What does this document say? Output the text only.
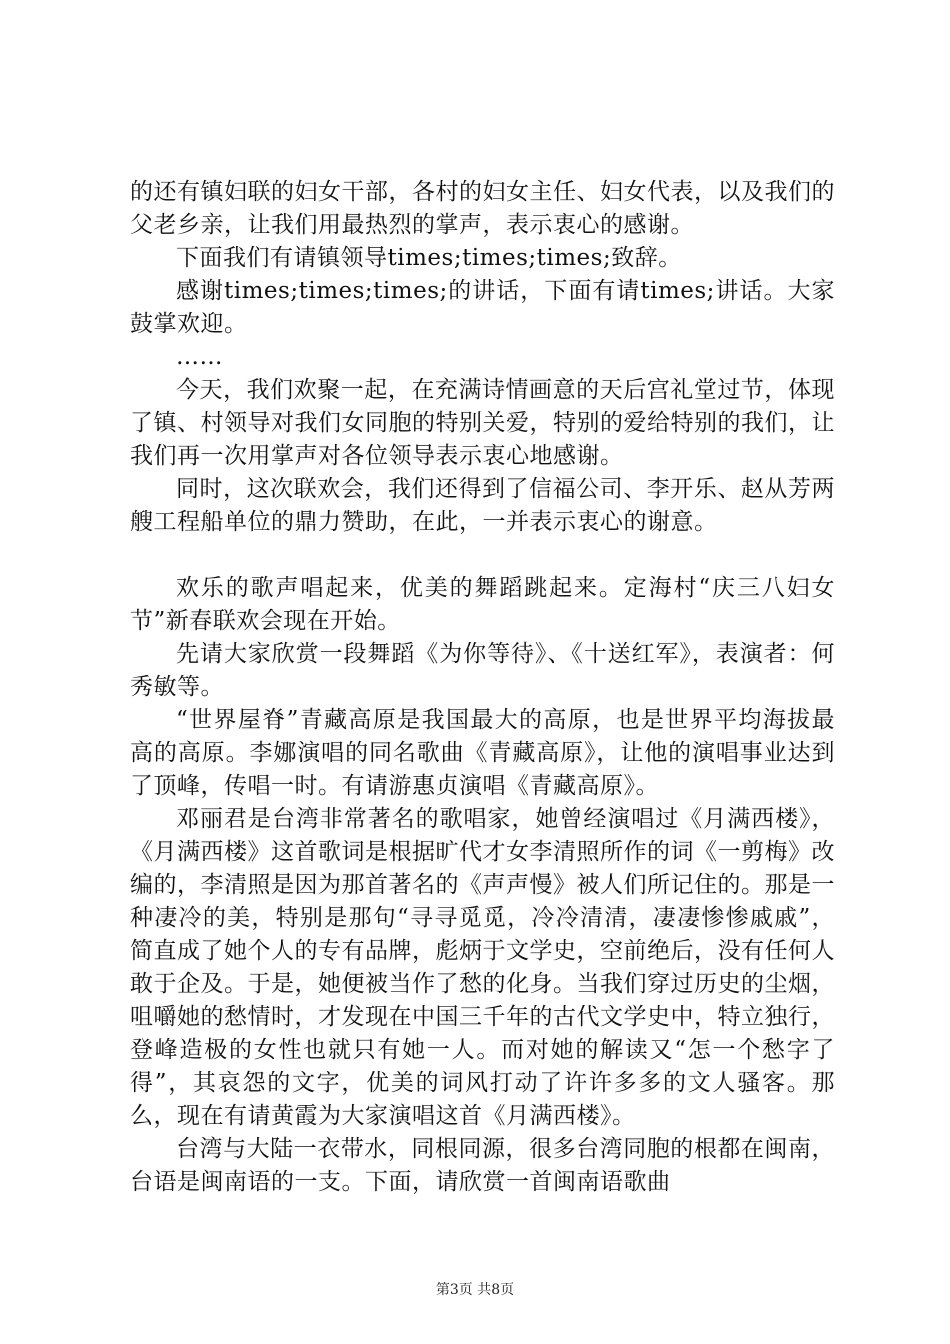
的还有镇妇联的妇女干部，各村的妇女主任、妇女代表，以及我们的父老乡亲，让我们用最热烈的掌声，表示衷心的感谢。

下面我们有请镇领导times;times;times;致辞。

感谢times;times;times;的讲话，下面有请times;讲话。大家鼓掌欢迎。

……

今天，我们欢聚一起，在充满诗情画意的天后宫礼堂过节，体现了镇、村领导对我们女同胞的特别关爱，特别的爱给特别的我们，让我们再一次用掌声对各位领导表示衷心地感谢。

同时，这次联欢会，我们还得到了信福公司、李开乐、赵从芳两艘工程船单位的鼎力赞助，在此，一并表示衷心的谢意。

欢乐的歌声唱起来，优美的舞蹈跳起来。定海村“庆三八妇女节”新春联欢会现在开始。

先请大家欣赏一段舞蹈《为你等待》、《十送红军》，表演者：何秀敏等。

“世界屋脊”青藏高原是我国最大的高原，也是世界平均海拔最高的高原。李娜演唱的同名歌曲《青藏高原》，让他的演唱事业达到了顶峰，传唱一时。有请游惠贞演唱《青藏高原》。

邓丽君是台湾非常著名的歌唱家，她曾经演唱过《月满西楼》，《月满西楼》这首歌词是根据旷代才女李清照所作的词《一剪梅》改编的，李清照是因为那首著名的《声声慢》被人们所记住的。那是一种凄冷的美，特别是那句“寻寻觅觅，冷冷清清，凄凄惨惨戚戚”，简直成了她个人的专有品牌，彪炳于文学史，空前绝后，没有任何人敢于企及。于是，她便被当作了愁的化身。当我们穿过历史的尘烟，咀嚼她的愁情时，才发现在中国三千年的古代文学史中，特立独行，登峰造极的女性也就只有她一人。而对她的解读又“怎一个愁字了得”，其哀怨的文字，优美的词风打动了许许多多的文人骚客。那么，现在有请黄霞为大家演唱这首《月满西楼》。

台湾与大陆一衣带水，同根同源，很多台湾同胞的根都在闽南，台语是闽南语的一支。下面，请欣赏一首闽南语歌曲

第3页 共8页
